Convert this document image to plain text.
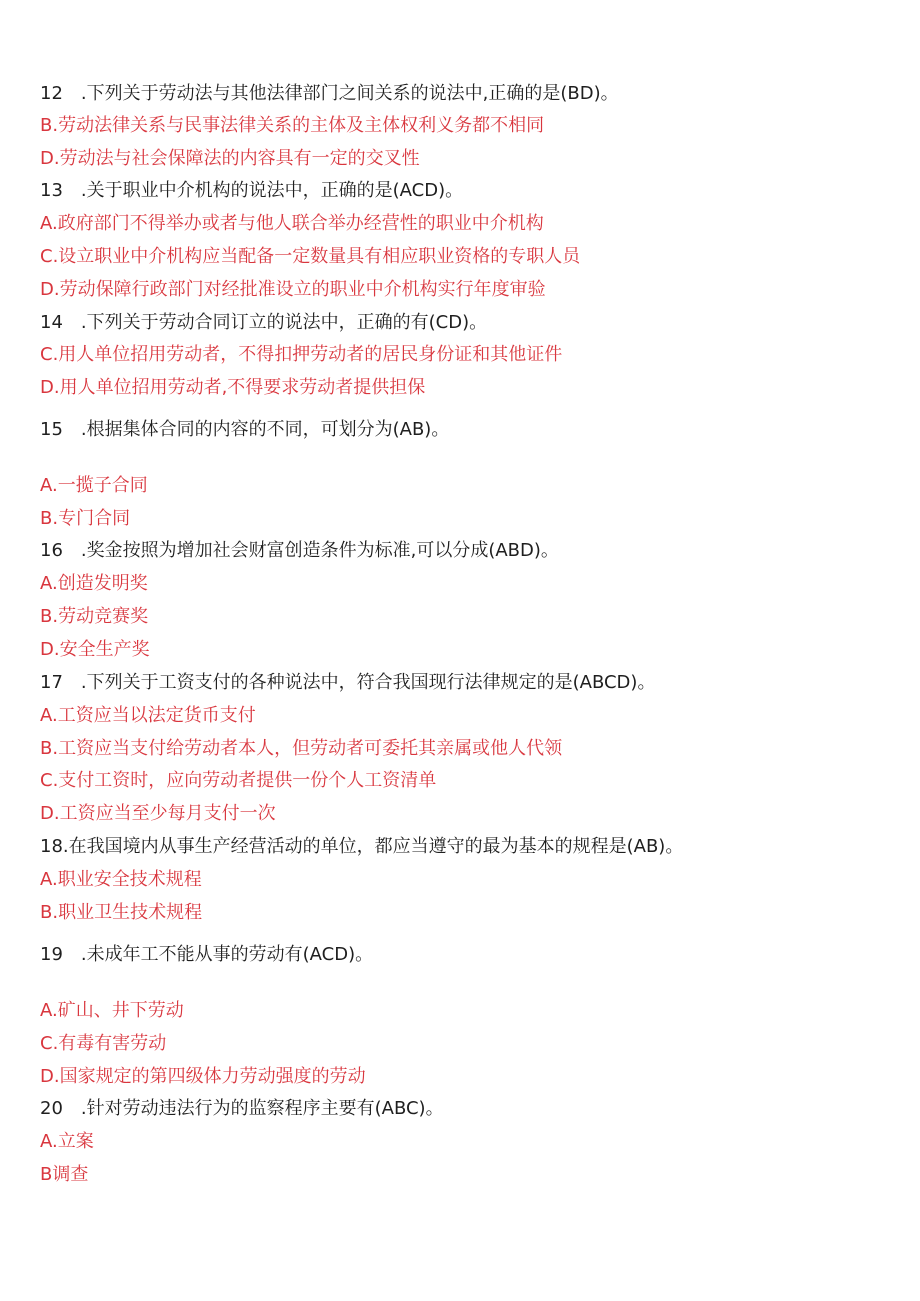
12　.下列关于劳动法与其他法律部门之间关系的说法中,正确的是(BD)。
B.劳动法律关系与民事法律关系的主体及主体权利义务都不相同
D.劳动法与社会保障法的内容具有一定的交叉性
13　.关于职业中介机构的说法中，正确的是(ACD)。
A.政府部门不得举办或者与他人联合举办经营性的职业中介机构
C.设立职业中介机构应当配备一定数量具有相应职业资格的专职人员
D.劳动保障行政部门对经批准设立的职业中介机构实行年度审验
14　.下列关于劳动合同订立的说法中，正确的有(CD)。
C.用人单位招用劳动者，不得扣押劳动者的居民身份证和其他证件
D.用人单位招用劳动者,不得要求劳动者提供担保
15　.根据集体合同的内容的不同，可划分为(AB)。
A.一揽子合同
B.专门合同
16　.奖金按照为增加社会财富创造条件为标准,可以分成(ABD)。
A.创造发明奖
B.劳动竞赛奖
D.安全生产奖
17　.下列关于工资支付的各种说法中，符合我国现行法律规定的是(ABCD)。
A.工资应当以法定货币支付
B.工资应当支付给劳动者本人，但劳动者可委托其亲属或他人代领
C.支付工资时，应向劳动者提供一份个人工资清单
D.工资应当至少每月支付一次
18.在我国境内从事生产经营活动的单位，都应当遵守的最为基本的规程是(AB)。
A.职业安全技术规程
B.职业卫生技术规程
19　.未成年工不能从事的劳动有(ACD)。
A.矿山、井下劳动
C.有毒有害劳动
D.国家规定的第四级体力劳动强度的劳动
20　.针对劳动违法行为的监察程序主要有(ABC)。
A.立案
B调查
